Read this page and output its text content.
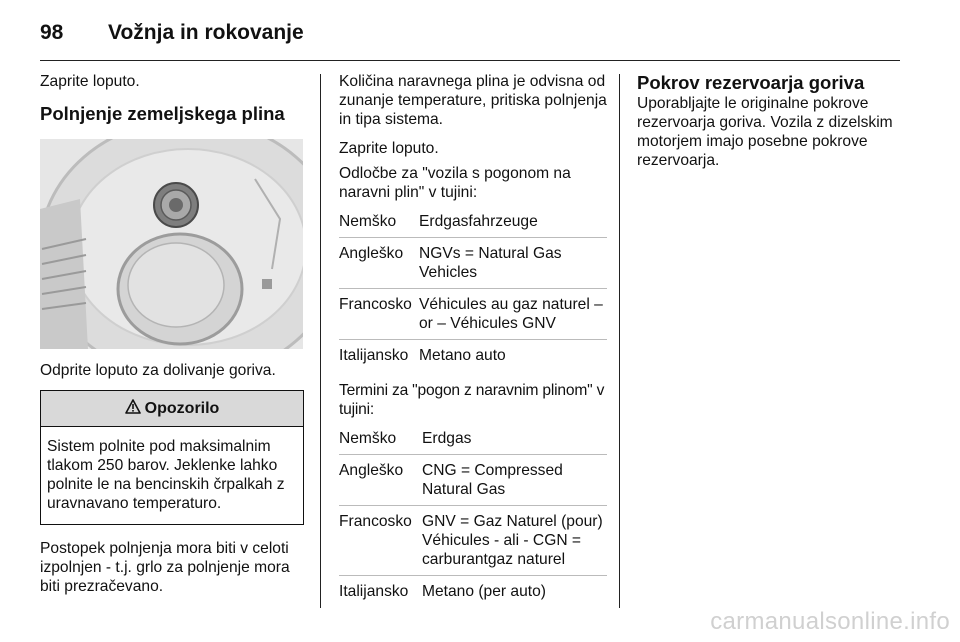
98	Vožnja in rokovanje

Zaprite loputo.

Polnjenje zemeljskega plina

Odprite loputo za dolivanje goriva.

Opozorilo
Sistem polnite pod maksimalnim tlakom 250 barov. Jeklenke lahko polnite le na bencinskih črpalkah z uravnavano temperaturo.

Postopek polnjenja mora biti v celoti izpolnjen - t.j. grlo za polnjenje mora biti prezračevano.

Količina naravnega plina je odvisna od zunanje temperature, pritiska polnjenja in tipa sistema.

Zaprite loputo.

Odločbe za "vozila s pogonom na naravni plin" v tujini:

Nemško	Erdgasfahrzeuge
Angleško	NGVs = Natural Gas Vehicles
Francosko	Véhicules au gaz naturel – or – Véhicules GNV
Italijansko	Metano auto

Termini za "pogon z naravnim plinom" v tujini:

Nemško	Erdgas
Angleško	CNG = Compressed Natural Gas
Francosko	GNV = Gaz Naturel (pour) Véhicules - ali - CGN = carburantgaz naturel
Italijansko	Metano (per auto)
Pokrov rezervoarja goriva

Uporabljajte le originalne pokrove rezervoarja goriva. Vozila z dizelskim motorjem imajo posebne pokrove rezervoarja.

carmanualsonline.info
